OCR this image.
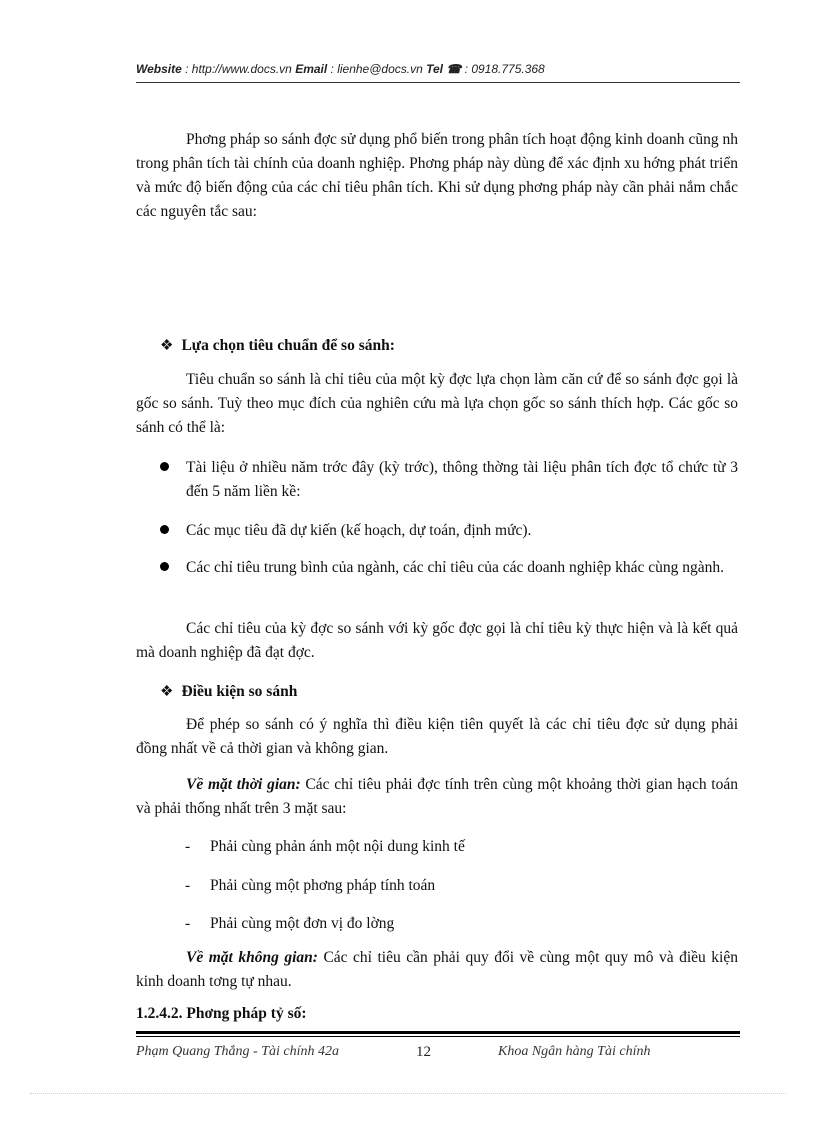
Website : http://www.docs.vn Email : lienhe@docs.vn Tel ☎ : 0918.775.368

Phơng pháp so sánh đợc sử dụng phổ biến trong phân tích hoạt động kinh doanh cũng nh trong phân tích tài chính của doanh nghiệp. Phơng pháp này dùng để xác định xu hớng phát triển và mức độ biến động của các chỉ tiêu phân tích. Khi sử dụng phơng pháp này cần phải nắm chắc các nguyên tắc sau:

❖ Lựa chọn tiêu chuẩn để so sánh:

Tiêu chuẩn so sánh là chỉ tiêu của một kỳ đợc lựa chọn làm căn cứ để so sánh đợc gọi là gốc so sánh. Tuỳ theo mục đích của nghiên cứu mà lựa chọn gốc so sánh thích hợp. Các gốc so sánh có thể là:

Tài liệu ở nhiều năm trớc đây (kỳ trớc), thông thờng tài liệu phân tích đợc tổ chức từ 3 đến 5 năm liền kề:
Các mục tiêu đã dự kiến (kế hoạch, dự toán, định mức).
Các chỉ tiêu trung bình của ngành, các chỉ tiêu của các doanh nghiệp khác cùng ngành.

Các chỉ tiêu của kỳ đợc so sánh với kỳ gốc đợc gọi là chỉ tiêu kỳ thực hiện và là kết quả mà doanh nghiệp đã đạt đợc.

❖ Điều kiện so sánh

Để phép so sánh có ý nghĩa thì điều kiện tiên quyết là các chỉ tiêu đợc sử dụng phải đồng nhất về cả thời gian và không gian.

Về mặt thời gian: Các chỉ tiêu phải đợc tính trên cùng một khoảng thời gian hạch toán và phải thống nhất trên 3 mặt sau:

- Phải cùng phản ánh một nội dung kinh tế

- Phải cùng một phơng pháp tính toán

- Phải cùng một đơn vị đo lờng

Về mặt không gian: Các chỉ tiêu cần phải quy đổi về cùng một quy mô và điều kiện kinh doanh tơng tự nhau.

1.2.4.2. Phơng pháp tỷ số:

Phạm Quang Thắng - Tài chính 42a	12	Khoa Ngân hàng Tài chính
